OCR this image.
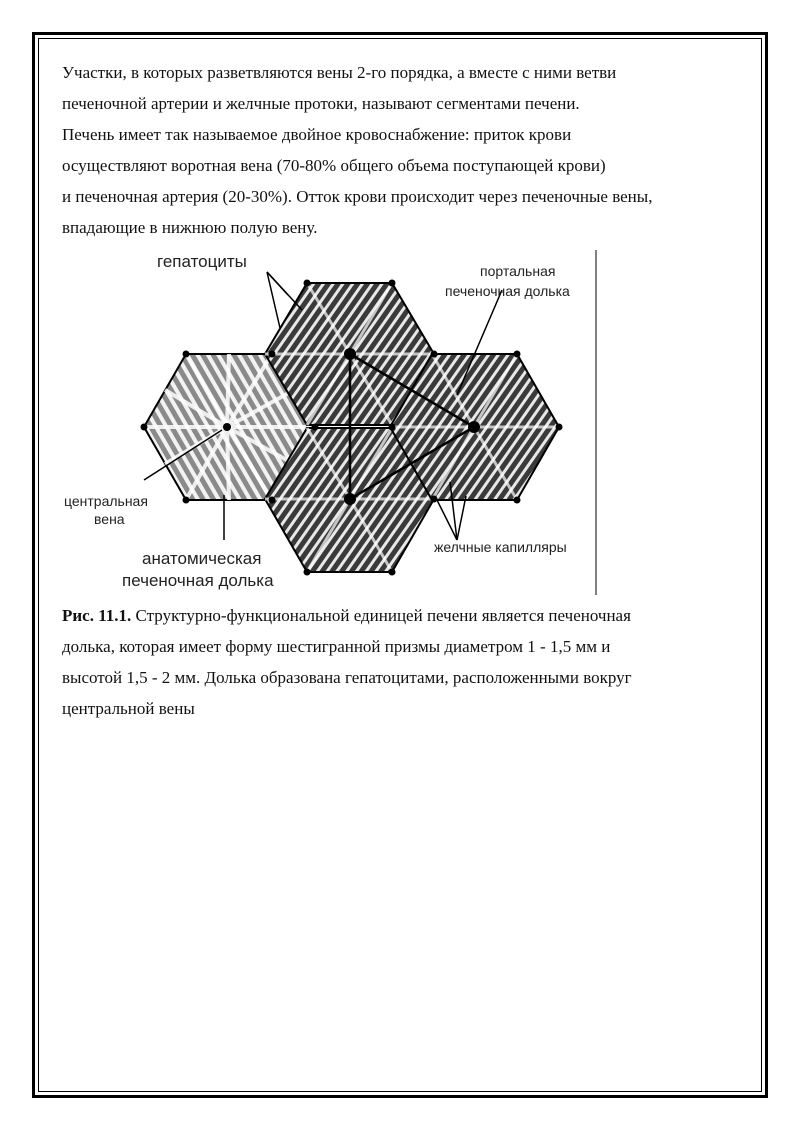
Участки, в которых разветвляются вены 2-го порядка, а вместе с ними ветви
печеночной артерии и желчные протоки, называют сегментами печени.
Печень имеет так называемое двойное кровоснабжение: приток крови
осуществляют воротная вена (70-80% общего объема поступающей крови)
и печеночная артерия (20-30%). Отток крови происходит через печеночные вены,
впадающие в нижнюю полую вену.
гепатоциты	портальная
печеночная долька
центральная
вена
анатомическая
печеночная долька
желчные капилляры
Рис. 11.1. Структурно-функциональной единицей печени является печеночная
долька, которая имеет форму шестигранной призмы диаметром 1 - 1,5 мм и
высотой 1,5 - 2 мм. Долька образована гепатоцитами, расположенными вокруг
центральной вены
